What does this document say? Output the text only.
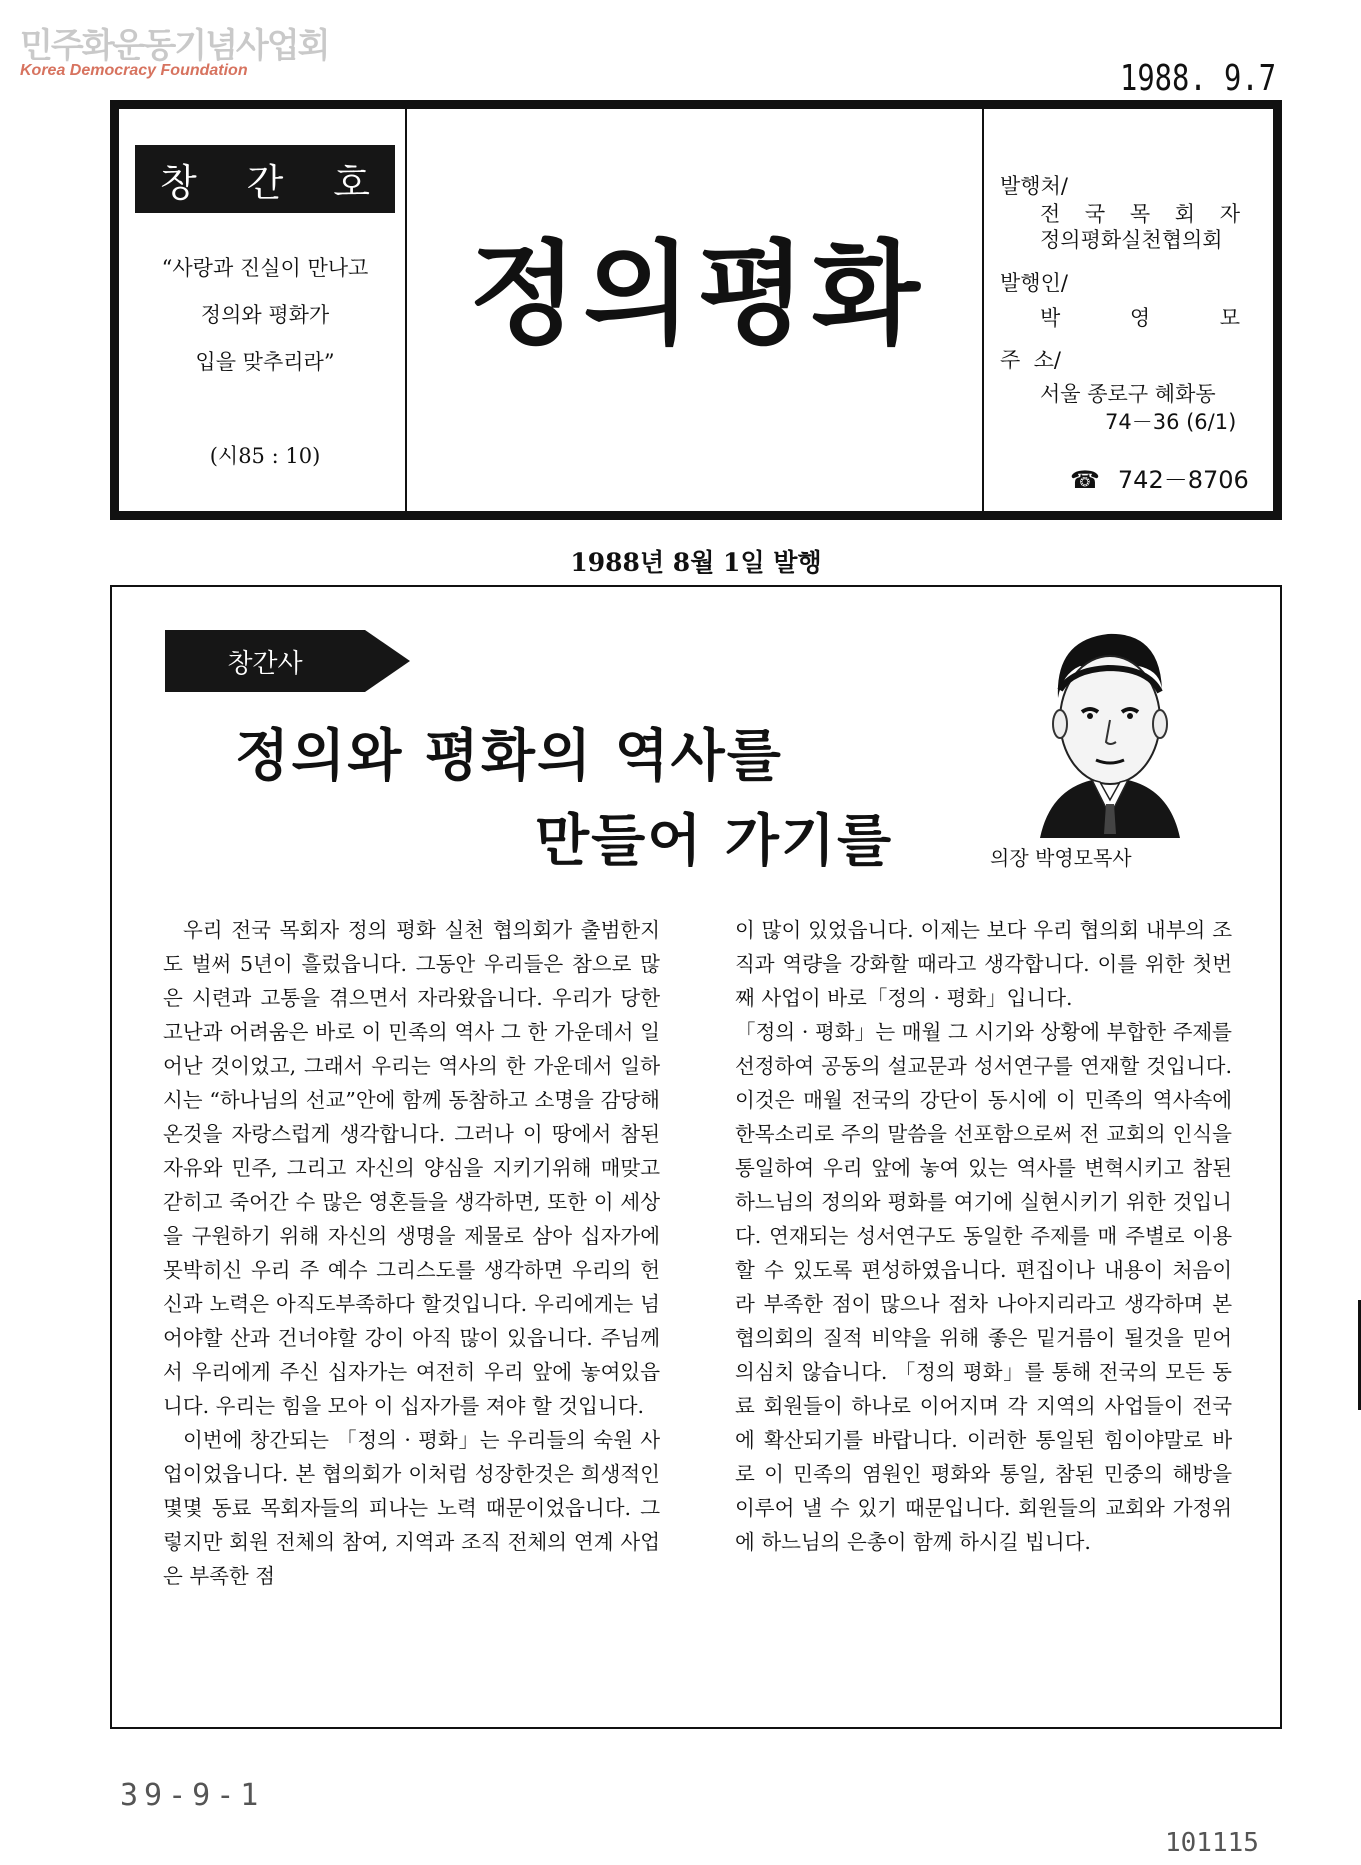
민주화운동기념사업회
Korea Democracy Foundation	1988. 9.7
창 간 호
“사랑과 진실이 만나고
정의와 평화가
입을 맞추리라”
(시85 : 10)
정의평화
발행처/
전 국 목 회 자
정의평화실천협의회
발행인/
박	영	모
주  소/
서울 종로구 혜화동
74－36 (6/1)
☎ 742－8706
1988년 8월 1일 발행
창간사
정의와 평화의 역사를
만들어 가기를	의장 박영모목사

우리 전국 목회자 정의 평화 실천 협의회가 출범한지도 벌써 5년이 흘렀읍니다. 그동안 우리들은 참으로 많은 시련과 고통을 겪으면서 자라왔읍니다. 우리가 당한 고난과 어려움은 바로 이 민족의 역사 그 한 가운데서 일어난 것이었고, 그래서 우리는 역사의 한 가운데서 일하시는 “하나님의 선교”안에 함께 동참하고 소명을 감당해 온것을 자랑스럽게 생각합니다. 그러나 이 땅에서 참된 자유와 민주, 그리고 자신의 양심을 지키기위해 매맞고 갇히고 죽어간 수 많은 영혼들을 생각하면, 또한 이 세상을 구원하기 위해 자신의 생명을 제물로 삼아 십자가에 못박히신 우리 주 예수 그리스도를 생각하면 우리의 헌신과 노력은 아직도부족하다 할것입니다. 우리에게는 넘어야할 산과 건너야할 강이 아직 많이 있읍니다. 주님께서 우리에게 주신 십자가는 여전히 우리 앞에 놓여있읍니다. 우리는 힘을 모아 이 십자가를 져야 할 것입니다.

이번에 창간되는 「정의 · 평화」는 우리들의 숙원 사업이었읍니다. 본 협의회가 이처럼 성장한것은 희생적인 몇몇 동료 목회자들의 피나는 노력 때문이었읍니다. 그렇지만 회원 전체의 참여, 지역과 조직 전체의 연계 사업은 부족한 점

이 많이 있었읍니다. 이제는 보다 우리 협의회 내부의 조직과 역량을 강화할 때라고 생각합니다. 이를 위한 첫번째 사업이 바로「정의 · 평화」입니다.

「정의 · 평화」는 매월 그 시기와 상황에 부합한 주제를 선정하여 공동의 설교문과 성서연구를 연재할 것입니다. 이것은 매월 전국의 강단이 동시에 이 민족의 역사속에 한목소리로 주의 말씀을 선포함으로써 전 교회의 인식을 통일하여 우리 앞에 놓여 있는 역사를 변혁시키고 참된 하느님의 정의와 평화를 여기에 실현시키기 위한 것입니다. 연재되는 성서연구도 동일한 주제를 매 주별로 이용할 수 있도록 편성하였읍니다. 편집이나 내용이 처음이라 부족한 점이 많으나 점차 나아지리라고 생각하며 본 협의회의 질적 비약을 위해 좋은 밑거름이 될것을 믿어 의심치 않습니다. 「정의 평화」를 통해 전국의 모든 동료 회원들이 하나로 이어지며 각 지역의 사업들이 전국에 확산되기를 바랍니다. 이러한 통일된 힘이야말로 바로 이 민족의 염원인 평화와 통일, 참된 민중의 해방을 이루어 낼 수 있기 때문입니다. 회원들의 교회와 가정위에 하느님의 은총이 함께 하시길 빕니다.

39-9-1
101115
